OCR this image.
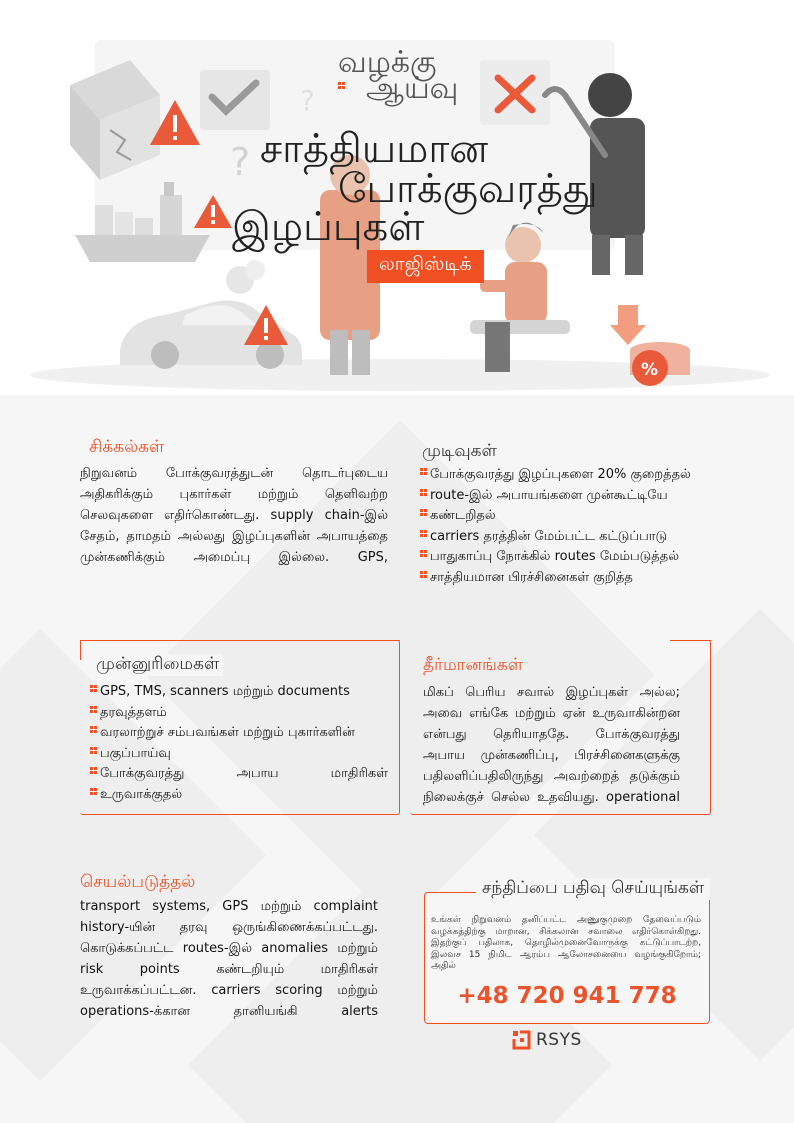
?
?
%
வழக்கு
ஆய்வு
சாத்தியமான
போக்குவரத்து
இழப்புகள்
லாஜிஸ்டிக்
சிக்கல்கள்
நிறுவனம் போக்குவரத்துடன் தொடர்புடைய அதிகரிக்கும் புகார்கள் மற்றும் தெளிவற்ற செலவுகளை எதிர்கொண்டது. supply chain-இல் சேதம், தாமதம் அல்லது இழப்புகளின் அபாயத்தை முன்கணிக்கும் அமைப்பு இல்லை. GPS,
முடிவுகள்
போக்குவரத்து இழப்புகளை 20% குறைத்தல்
route-இல் அபாயங்களை முன்கூட்டியே
கண்டறிதல்
carriers தரத்தின் மேம்பட்ட கட்டுப்பாடு
பாதுகாப்பு நோக்கில் routes மேம்படுத்தல்
சாத்தியமான பிரச்சினைகள் குறித்த
முன்னுரிமைகள்
GPS, TMS, scanners மற்றும் documents
தரவுத்தளம்
வரலாற்றுச் சம்பவங்கள் மற்றும் புகார்களின்
பகுப்பாய்வு
போக்குவரத்து	அபாய	மாதிரிகள்
உருவாக்குதல்
தீர்மானங்கள்
மிகப் பெரிய சவால் இழப்புகள் அல்ல; அவை எங்கே மற்றும் ஏன் உருவாகின்றன என்பது தெரியாததே. போக்குவரத்து அபாய முன்கணிப்பு, பிரச்சினைகளுக்கு பதிலளிப்பதிலிருந்து அவற்றைத் தடுக்கும் நிலைக்குச் செல்ல உதவியது. operational
செயல்படுத்தல்
transport systems, GPS மற்றும் complaint history-யின் தரவு ஒருங்கிணைக்கப்பட்டது. கொடுக்கப்பட்ட routes-இல் anomalies மற்றும் risk points கண்டறியும் மாதிரிகள் உருவாக்கப்பட்டன. carriers scoring மற்றும் operations-க்கான தானியங்கி alerts
சந்திப்பை பதிவு செய்யுங்கள்
உங்கள் நிறுவனம் தனிப்பட்ட அணுகுமுறை தேவைப்படும் வழக்கத்திற்கு மாறான, சிக்கலான சவாலை எதிர்கொள்கிறது. இதற்குப் பதிலாக, தொழில்முனைவோருக்கு கட்டுப்பாடற்ற, இலவச 15 நிமிட ஆரம்ப ஆலோசனையை வழங்குகிறோம்; அதில்
+48 720 941 778
RSYS
